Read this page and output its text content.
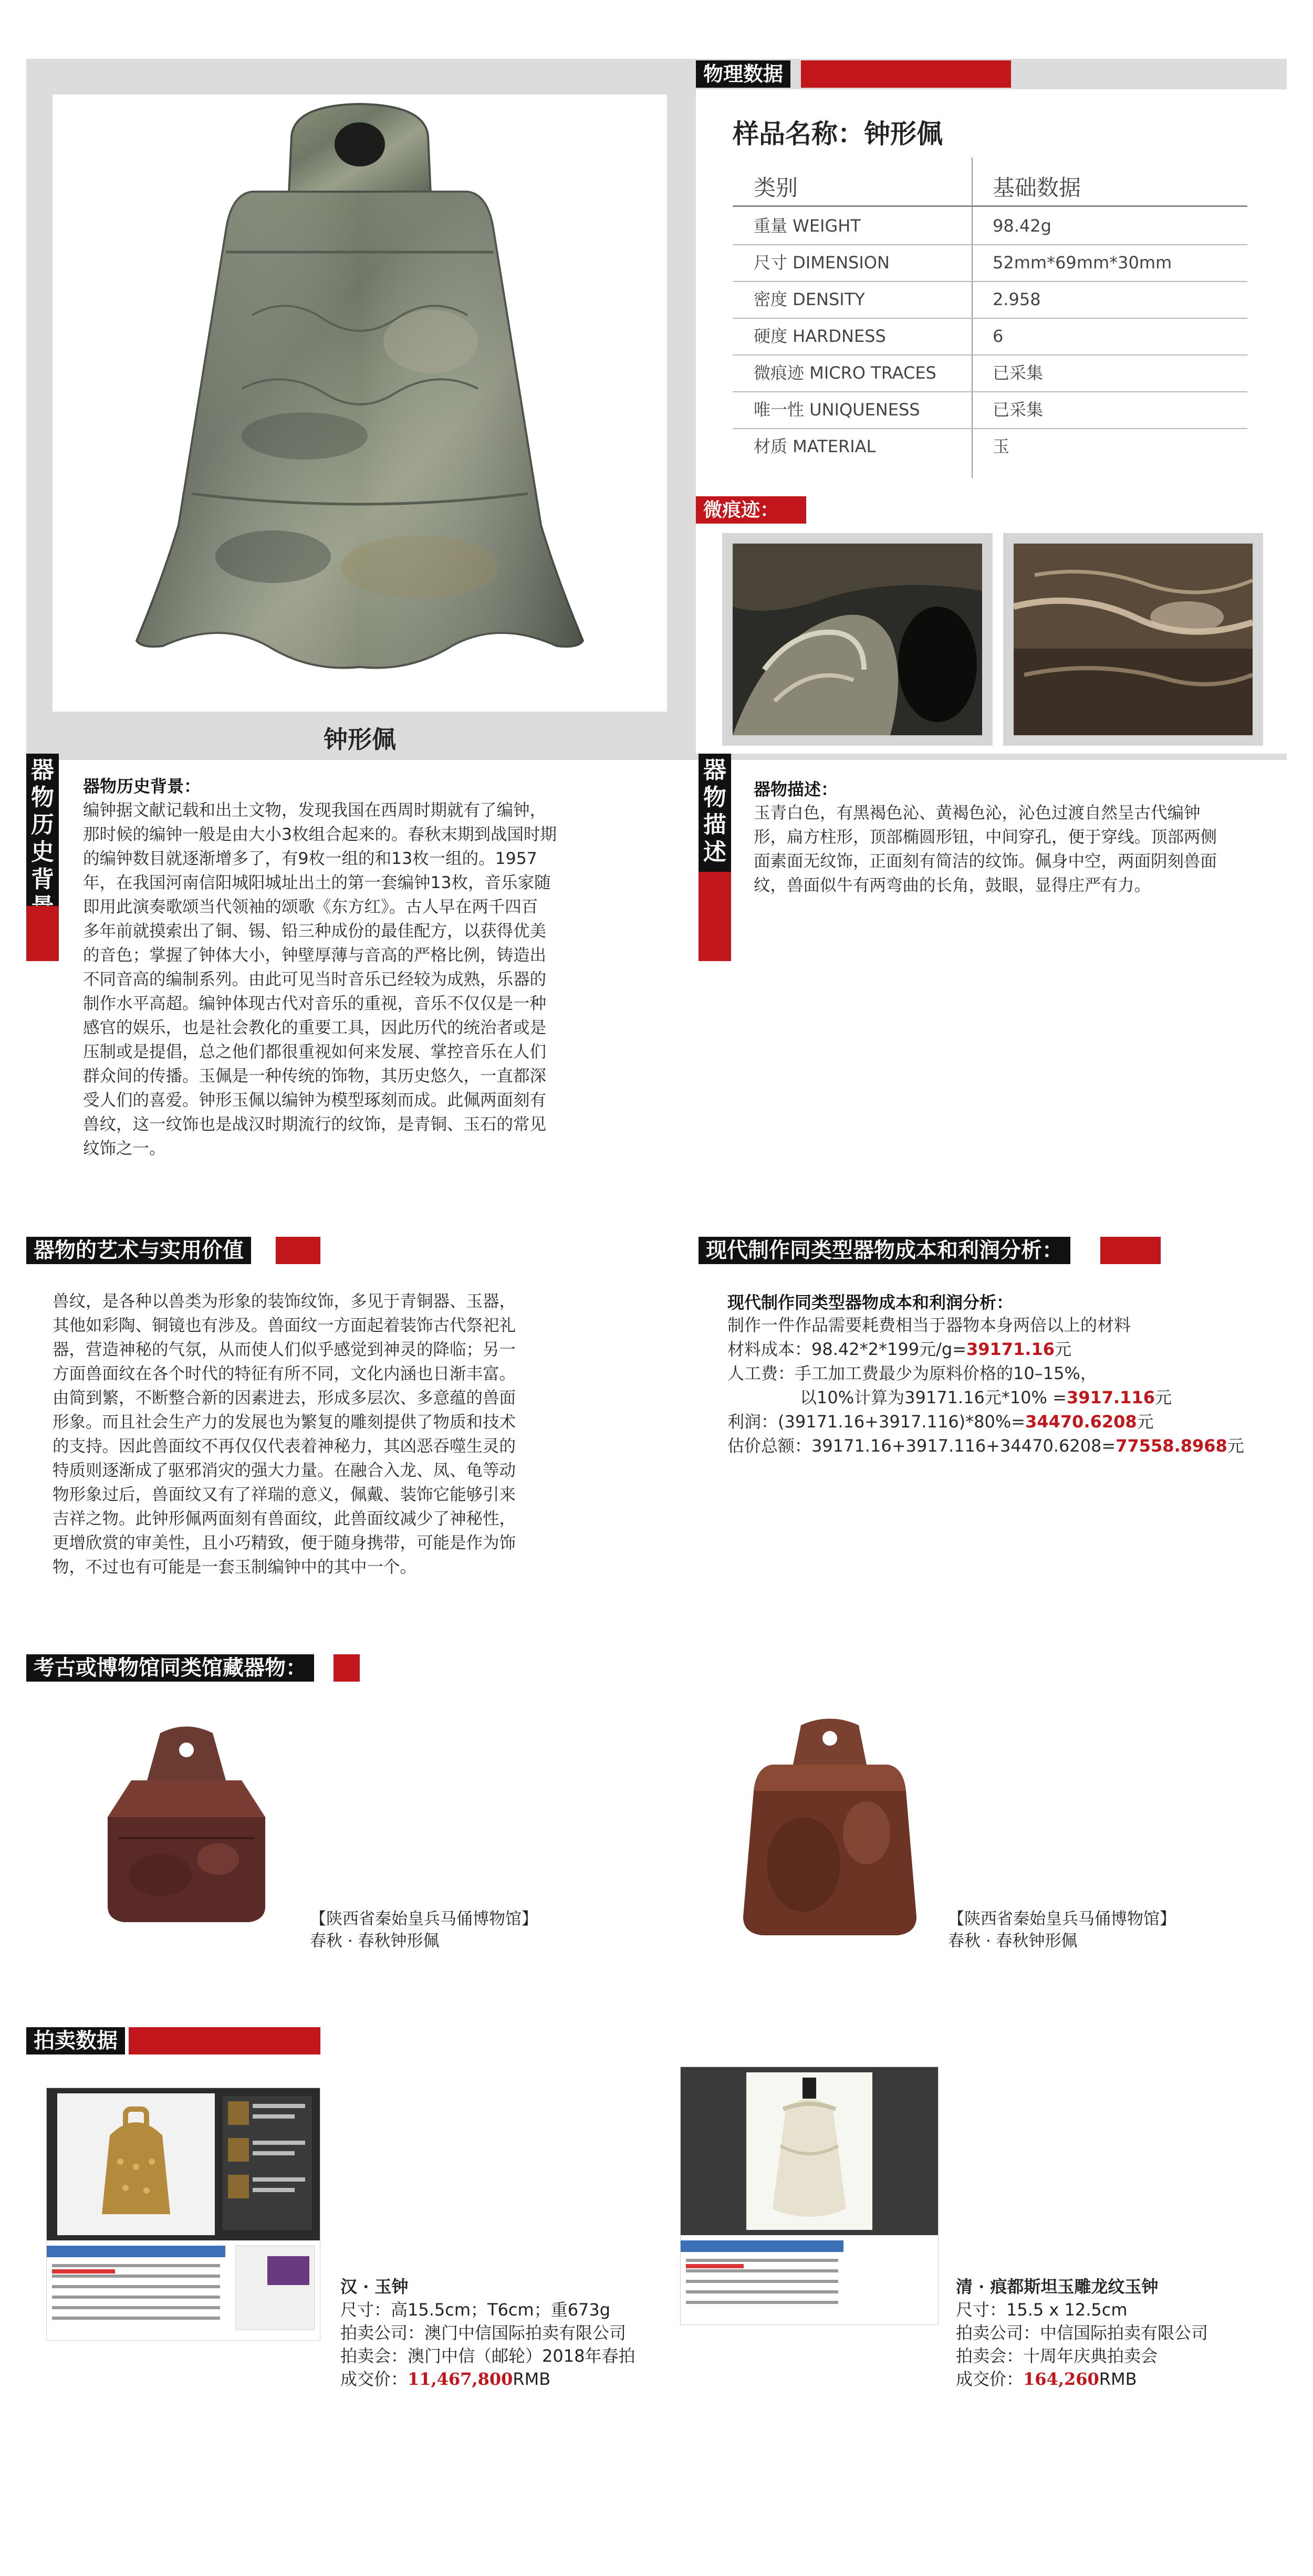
钟形佩
物理数据
样品名称：钟形佩
类别	基础数据
重量 WEIGHT	98.42g
尺寸 DIMENSION	52mm*69mm*30mm
密度 DENSITY	2.958
硬度 HARDNESS	6
微痕迹 MICRO TRACES	已采集
唯一性 UNIQUENESS	已采集
材质 MATERIAL	玉
微痕迹：
器
物
历
史
背
器物历史背景：
编钟据文献记载和出土文物，发现我国在西周时期就有了编钟，
那时候的编钟一般是由大小3枚组合起来的。春秋末期到战国时期
的编钟数目就逐渐增多了，有9枚一组的和13枚一组的。1957
年，在我国河南信阳城阳城址出土的第一套编钟13枚，音乐家随
即用此演奏歌颂当代领袖的颂歌《东方红》。古人早在两千四百
多年前就摸索出了铜、锡、铅三种成份的最佳配方，以获得优美
的音色；掌握了钟体大小，钟壁厚薄与音高的严格比例，铸造出
不同音高的编制系列。由此可见当时音乐已经较为成熟，乐器的
制作水平高超。编钟体现古代对音乐的重视，音乐不仅仅是一种
感官的娱乐，也是社会教化的重要工具，因此历代的统治者或是
压制或是提倡，总之他们都很重视如何来发展、掌控音乐在人们
群众间的传播。玉佩是一种传统的饰物，其历史悠久，一直都深
受人们的喜爱。钟形玉佩以编钟为模型琢刻而成。此佩两面刻有
兽纹，这一纹饰也是战汉时期流行的纹饰，是青铜、玉石的常见
纹饰之一。
器
物
描
述
器物描述：
玉青白色，有黑褐色沁、黄褐色沁，沁色过渡自然呈古代编钟
形，扁方柱形，顶部椭圆形钮，中间穿孔，便于穿线。顶部两侧
面素面无纹饰，正面刻有简洁的纹饰。佩身中空，两面阴刻兽面
纹，兽面似牛有两弯曲的长角，鼓眼，显得庄严有力。
器物的艺术与实用价值
兽纹，是各种以兽类为形象的装饰纹饰，多见于青铜器、玉器，
其他如彩陶、铜镜也有涉及。兽面纹一方面起着装饰古代祭祀礼
器，营造神秘的气氛，从而使人们似乎感觉到神灵的降临；另一
方面兽面纹在各个时代的特征有所不同，文化内涵也日渐丰富。
由简到繁，不断整合新的因素进去，形成多层次、多意蕴的兽面
形象。而且社会生产力的发展也为繁复的雕刻提供了物质和技术
的支持。因此兽面纹不再仅仅代表着神秘力，其凶恶吞噬生灵的
特质则逐渐成了驱邪消灾的强大力量。在融合入龙、凤、龟等动
物形象过后，兽面纹又有了祥瑞的意义，佩戴、装饰它能够引来
吉祥之物。此钟形佩两面刻有兽面纹，此兽面纹减少了神秘性，
更增欣赏的审美性，且小巧精致，便于随身携带，可能是作为饰
物，不过也有可能是一套玉制编钟中的其中一个。
现代制作同类型器物成本和利润分析：
现代制作同类型器物成本和利润分析：
制作一件作品需要耗费相当于器物本身两倍以上的材料
材料成本：98.42*2*199元/g=39171.16元
人工费：手工加工费最少为原料价格的10–15%，
以10%计算为39171.16元*10% =3917.116元
利润：(39171.16+3917.116)*80%=34470.6208元
估价总额：39171.16+3917.116+34470.6208=77558.8968元
考古或博物馆同类馆藏器物：
【陕西省秦始皇兵马俑博物馆】
春秋 · 春秋钟形佩
【陕西省秦始皇兵马俑博物馆】
春秋 · 春秋钟形佩
拍卖数据
汉 · 玉钟
尺寸：高15.5cm；T6cm；重673g
拍卖公司：澳门中信国际拍卖有限公司
拍卖会：澳门中信（邮轮）2018年春拍
成交价：11,467,800RMB
清 · 痕都斯坦玉雕龙纹玉钟
尺寸：15.5 x 12.5cm
拍卖公司：中信国际拍卖有限公司
拍卖会：十周年庆典拍卖会
成交价：164,260RMB
